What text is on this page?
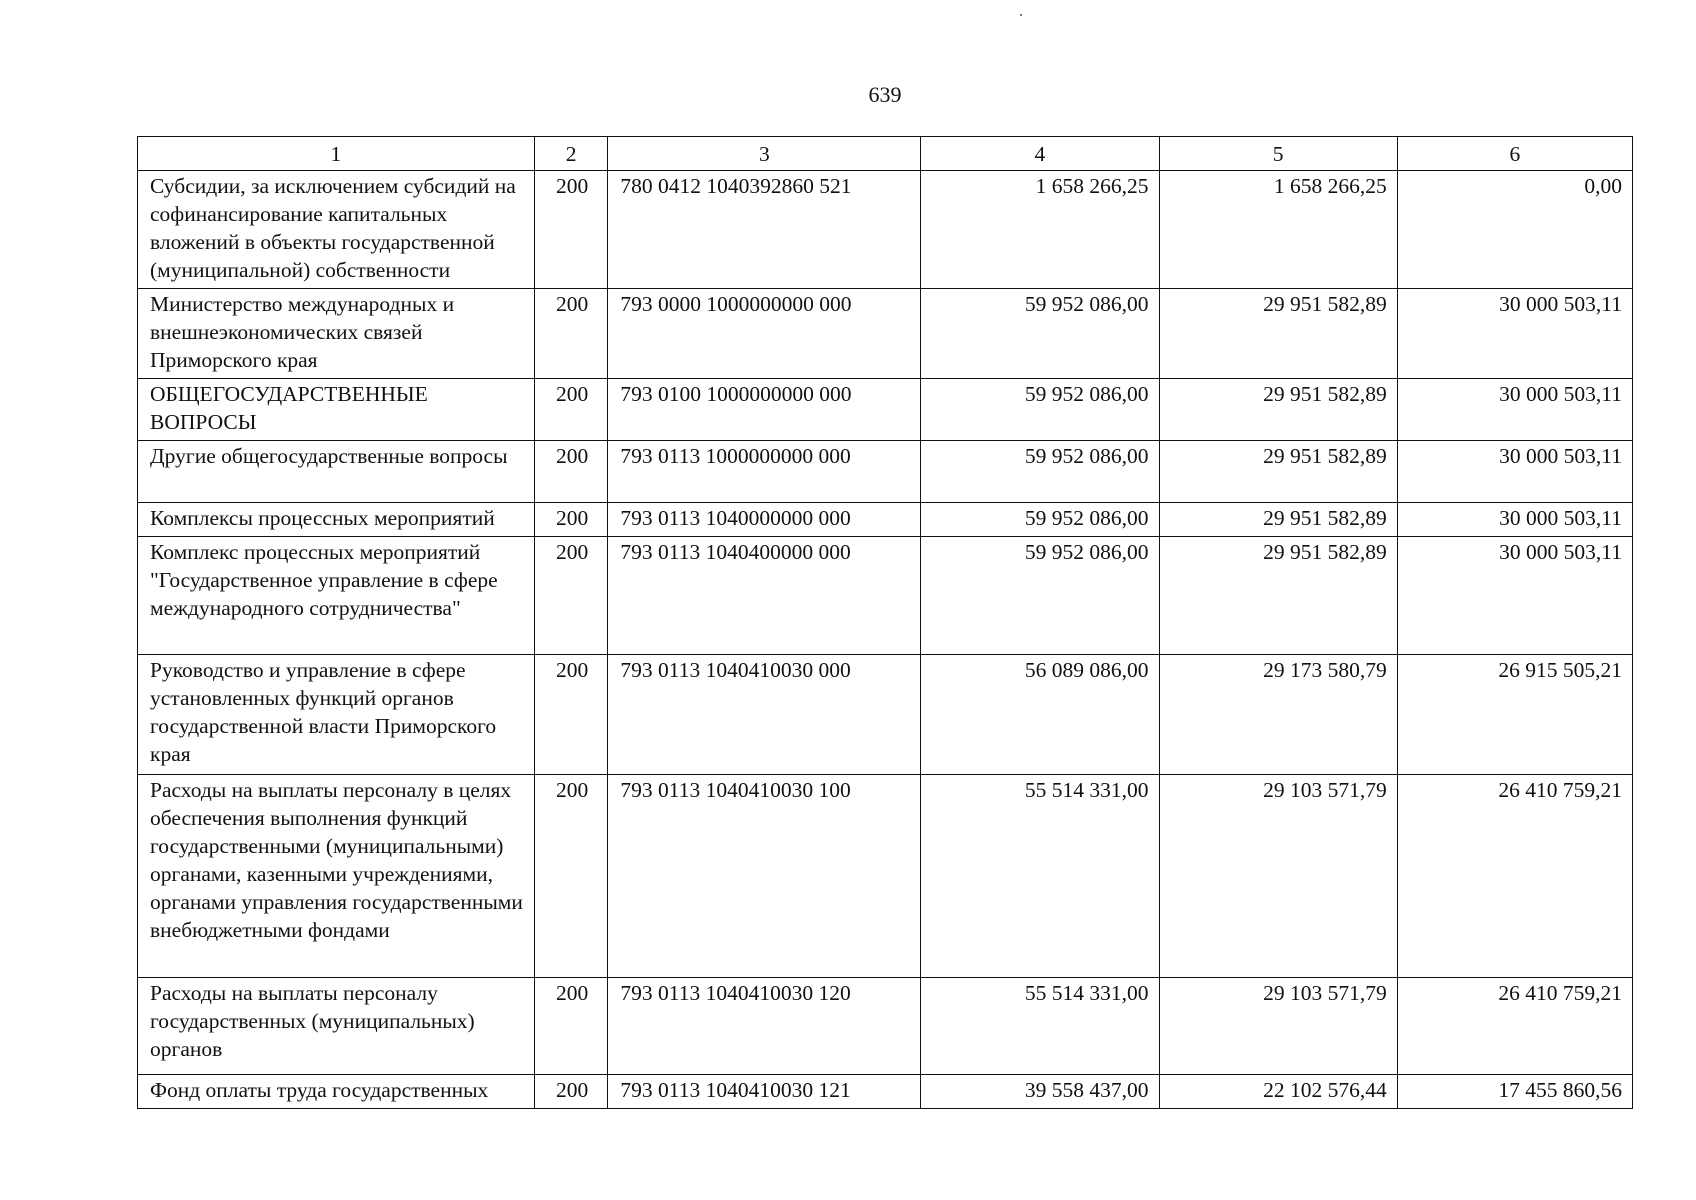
639
1	2	3	4	5	6
Субсидии, за исключением субсидий на софинансирование капитальных вложений в объекты государственной (муниципальной) собственности	200	780 0412 1040392860 521	1 658 266,25	1 658 266,25	0,00
Министерство международных и внешнеэкономических связей Приморского края	200	793 0000 1000000000 000	59 952 086,00	29 951 582,89	30 000 503,11
ОБЩЕГОСУДАРСТВЕННЫЕ ВОПРОСЫ	200	793 0100 1000000000 000	59 952 086,00	29 951 582,89	30 000 503,11
Другие общегосударственные вопросы	200	793 0113 1000000000 000	59 952 086,00	29 951 582,89	30 000 503,11
Комплексы процессных мероприятий	200	793 0113 1040000000 000	59 952 086,00	29 951 582,89	30 000 503,11
Комплекс процессных мероприятий "Государственное управление в сфере международного сотрудничества"	200	793 0113 1040400000 000	59 952 086,00	29 951 582,89	30 000 503,11
Руководство и управление в сфере установленных функций органов государственной власти Приморского края	200	793 0113 1040410030 000	56 089 086,00	29 173 580,79	26 915 505,21
Расходы на выплаты персоналу в целях обеспечения выполнения функций государственными (муниципальными) органами, казенными учреждениями, органами управления государственными внебюджетными фондами	200	793 0113 1040410030 100	55 514 331,00	29 103 571,79	26 410 759,21
Расходы на выплаты персоналу государственных (муниципальных) органов	200	793 0113 1040410030 120	55 514 331,00	29 103 571,79	26 410 759,21
Фонд оплаты труда государственных	200	793 0113 1040410030 121	39 558 437,00	22 102 576,44	17 455 860,56
